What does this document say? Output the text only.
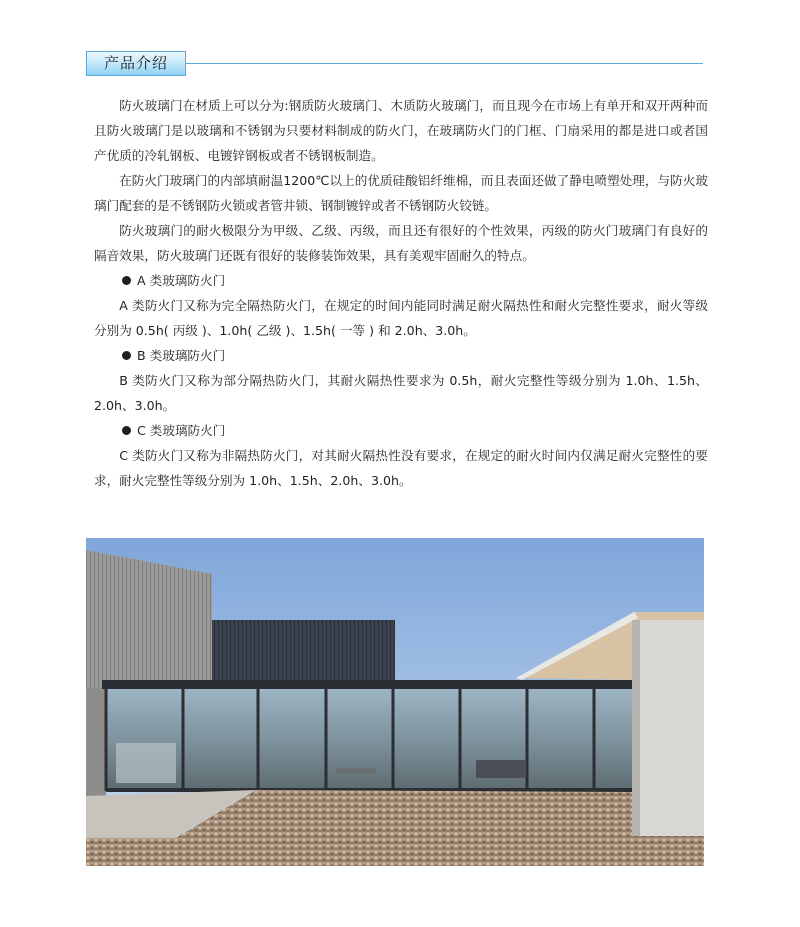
产品介绍

防火玻璃门在材质上可以分为:钢质防火玻璃门、木质防火玻璃门，而且现今在市场上有单开和双开两种而且防火玻璃门是以玻璃和不锈钢为只要材料制成的防火门，在玻璃防火门的门框、门扇采用的都是进口或者国产优质的冷轧钢板、电镀锌钢板或者不锈钢板制造。

在防火门玻璃门的内部填耐温1200℃以上的优质硅酸铝纤维棉，而且表面还做了静电喷塑处理，与防火玻璃门配套的是不锈钢防火锁或者管井锁、钢制镀锌或者不锈钢防火铰链。

防火玻璃门的耐火极限分为甲级、乙级、丙级，而且还有很好的个性效果，丙级的防火门玻璃门有良好的隔音效果，防火玻璃门还既有很好的装修装饰效果，具有美观牢固耐久的特点。

A 类玻璃防火门

A 类防火门又称为完全隔热防火门，在规定的时间内能同时满足耐火隔热性和耐火完整性要求，耐火等级分别为 0.5h( 丙级 )、1.0h( 乙级 )、1.5h( 一等 ) 和 2.0h、3.0h。

B 类玻璃防火门

B 类防火门又称为部分隔热防火门，其耐火隔热性要求为 0.5h，耐火完整性等级分别为 1.0h、1.5h、2.0h、3.0h。

C 类玻璃防火门

C 类防火门又称为非隔热防火门，对其耐火隔热性没有要求，在规定的耐火时间内仅满足耐火完整性的要求，耐火完整性等级分别为 1.0h、1.5h、2.0h、3.0h。
